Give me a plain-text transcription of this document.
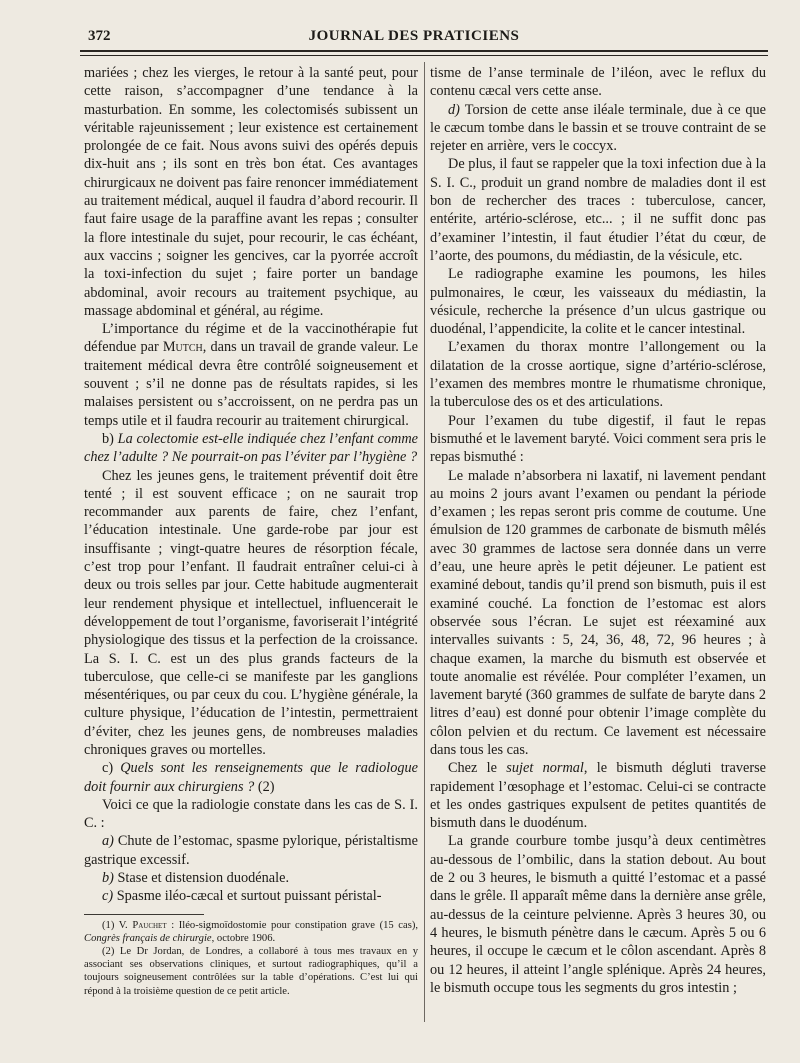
372	JOURNAL DES PRATICIENS

mariées ; chez les vierges, le retour à la santé peut, pour cette raison, s’accompagner d’une tendance à la masturbation. En somme, les colectomisés subissent un véritable rajeunissement ; leur existence est certainement prolongée de ce fait. Nous avons suivi des opérés depuis dix-huit ans ; ils sont en très bon état. Ces avantages chirurgicaux ne doivent pas faire renoncer immédiatement au traitement médical, auquel il faudra d’abord recourir. Il faut faire usage de la paraffine avant les repas ; consulter la flore intestinale du sujet, pour recourir, le cas échéant, aux vaccins ; soigner les gencives, car la pyorrée accroît la toxi-infection du sujet ; faire porter un bandage abdominal, avoir recours au traitement psychique, au massage abdominal et général, au régime.

L’importance du régime et de la vaccinothérapie fut défendue par Mutch, dans un travail de grande valeur. Le traitement médical devra être contrôlé soigneusement et souvent ; s’il ne donne pas de résultats rapides, si les malaises persistent ou s’accroissent, on ne perdra pas un temps utile et il faudra recourir au traitement chirurgical.

b) La colectomie est-elle indiquée chez l’enfant comme chez l’adulte ? Ne pourrait-on pas l’éviter par l’hygiène ?

Chez les jeunes gens, le traitement préventif doit être tenté ; il est souvent efficace ; on ne saurait trop recommander aux parents de faire, chez l’enfant, l’éducation intestinale. Une garde-robe par jour est insuffisante ; vingt-quatre heures de résorption fécale, c’est trop pour l’enfant. Il faudrait entraîner celui-ci à deux ou trois selles par jour. Cette habitude augmenterait leur rendement physique et intellectuel, influencerait le développement de tout l’organisme, favoriserait l’intégrité physiologique des tissus et la perfection de la croissance. La S. I. C. est un des plus grands facteurs de la tuberculose, que celle-ci se manifeste par les ganglions mésentériques, ou par ceux du cou. L’hygiène générale, la culture physique, l’éducation de l’intestin, permettraient d’éviter, chez les jeunes gens, de nombreuses maladies chroniques graves ou mortelles.

c) Quels sont les renseignements que le radiologue doit fournir aux chirurgiens ? (2)

Voici ce que la radiologie constate dans les cas de S. I. C. :

a) Chute de l’estomac, spasme pylorique, péristaltisme gastrique excessif.

b) Stase et distension duodénale.

c) Spasme iléo-cæcal et surtout puissant péristal-

(1) V. Pauchet : Iléo-sigmoïdostomie pour constipation grave (15 cas), Congrès français de chirurgie, octobre 1906.

(2) Le Dr Jordan, de Londres, a collaboré à tous mes travaux en y associant ses observations cliniques, et surtout radiographiques, qu’il a toujours soigneusement contrôlées sur la table d’opérations. C’est lui qui répond à la troisième question de ce petit article.

tisme de l’anse terminale de l’iléon, avec le reflux du contenu cæcal vers cette anse.

d) Torsion de cette anse iléale terminale, due à ce que le cæcum tombe dans le bassin et se trouve contraint de se rejeter en arrière, vers le coccyx.

De plus, il faut se rappeler que la toxi infection due à la S. I. C., produit un grand nombre de maladies dont il est bon de rechercher des traces : tuberculose, cancer, entérite, artério-sclérose, etc... ; il ne suffit donc pas d’examiner l’intestin, il faut étudier l’état du cœur, de l’aorte, des poumons, du médiastin, de la vésicule, etc.

Le radiographe examine les poumons, les hiles pulmonaires, le cœur, les vaisseaux du médiastin, la vésicule, recherche la présence d’un ulcus gastrique ou duodénal, l’appendicite, la colite et le cancer intestinal.

L’examen du thorax montre l’allongement ou la dilatation de la crosse aortique, signe d’artério-sclérose, l’examen des membres montre le rhumatisme chronique, la tuberculose des os et des articulations.

Pour l’examen du tube digestif, il faut le repas bismuthé et le lavement baryté. Voici comment sera pris le repas bismuthé :

Le malade n’absorbera ni laxatif, ni lavement pendant au moins 2 jours avant l’examen ou pendant la période d’examen ; les repas seront pris comme de coutume. Une émulsion de 120 grammes de carbonate de bismuth mêlés avec 30 grammes de lactose sera donnée dans un verre d’eau, une heure après le petit déjeuner. Le patient est examiné debout, tandis qu’il prend son bismuth, puis il est examiné couché. La fonction de l’estomac est alors observée sous l’écran. Le sujet est réexaminé aux intervalles suivants : 5, 24, 36, 48, 72, 96 heures ; à chaque examen, la marche du bismuth est observée et toute anomalie est révélée. Pour compléter l’examen, un lavement baryté (360 grammes de sulfate de baryte dans 2 litres d’eau) est donné pour obtenir l’image complète du côlon pelvien et du rectum. Ce lavement est nécessaire dans tous les cas.

Chez le sujet normal, le bismuth dégluti traverse rapidement l’œsophage et l’estomac. Celui-ci se contracte et les ondes gastriques expulsent de petites quantités de bismuth dans le duodénum.

La grande courbure tombe jusqu’à deux centimètres au-dessous de l’ombilic, dans la station debout. Au bout de 2 ou 3 heures, le bismuth a quitté l’estomac et a passé dans le grêle. Il apparaît même dans la dernière anse grêle, au-dessus de la ceinture pelvienne. Après 3 heures 30, ou 4 heures, le bismuth pénètre dans le cæcum. Après 5 ou 6 heures, il occupe le cæcum et le côlon ascendant. Après 8 ou 12 heures, il atteint l’angle splénique. Après 24 heures, le bismuth occupe tous les segments du gros intestin ;
